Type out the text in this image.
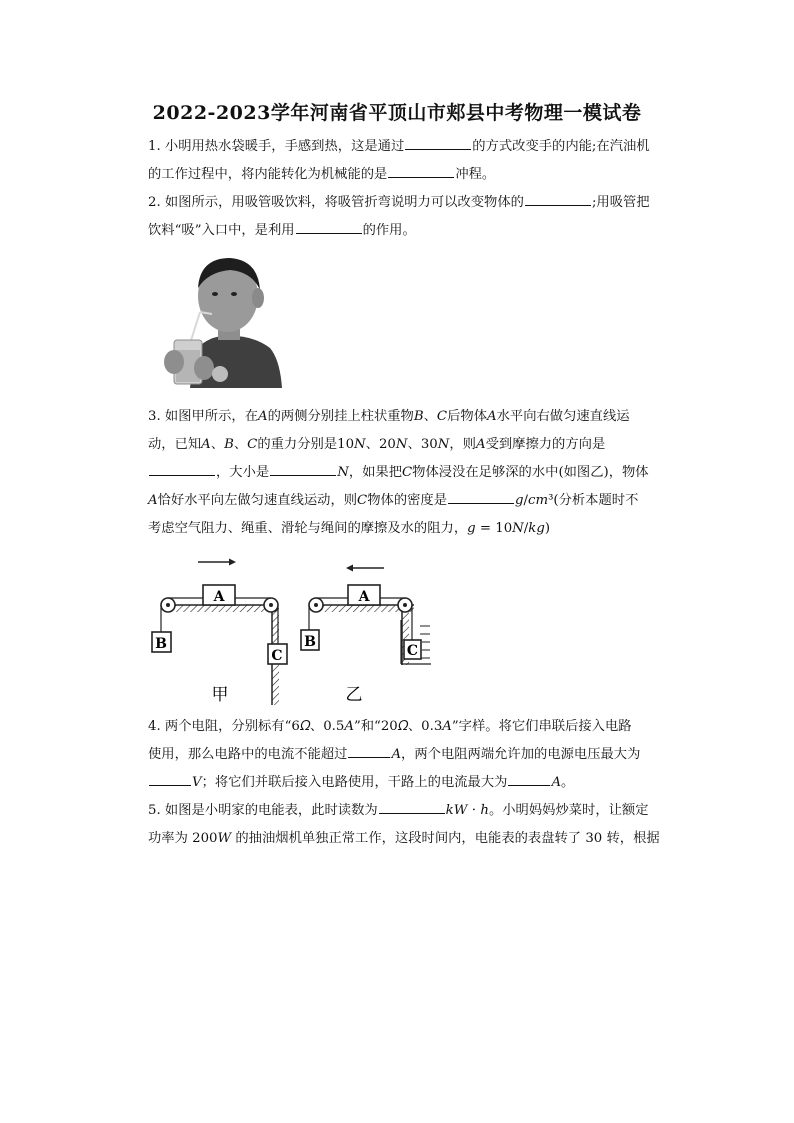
2022-2023学年河南省平顶山市郏县中考物理一模试卷
1. 小明用热水袋暖手，手感到热，这是通过	的方式改变手的内能;在汽油机
的工作过程中，将内能转化为机械能的是	冲程。
2. 如图所示，用吸管吸饮料，将吸管折弯说明力可以改变物体的	;用吸管把
饮料“吸”入口中，是利用	的作用。
3. 如图甲所示，在𝐴的两侧分别挂上柱状重物𝐵、𝐶后物体𝐴水平向右做匀速直线运
动，已知𝐴、𝐵、𝐶的重力分别是10𝑁、20𝑁、30𝑁，则𝐴受到摩擦力的方向是
，大小是	𝑁，如果把𝐶物体浸没在足够深的水中(如图乙)，物体
𝐴恰好水平向左做匀速直线运动，则𝐶物体的密度是	𝑔/𝑐𝑚³(分析本题时不
考虑空气阻力、绳重、滑轮与绳间的摩擦及水的阻力，𝑔 = 10𝑁/𝑘𝑔)
A
B
C
甲
A
B
C
乙
4. 两个电阻，分别标有“6𝛺、0.5𝐴”和“20𝛺、0.3𝐴”字样。将它们串联后接入电路
使用，那么电路中的电流不能超过	𝐴，两个电阻两端允许加的电源电压最大为
𝑉；将它们并联后接入电路使用，干路上的电流最大为	𝐴。
5. 如图是小明家的电能表，此时读数为	𝑘𝑊 ⋅ ℎ。小明妈妈炒菜时，让额定
功率为 200𝑊 的抽油烟机单独正常工作，这段时间内，电能表的表盘转了 30 转，根据
